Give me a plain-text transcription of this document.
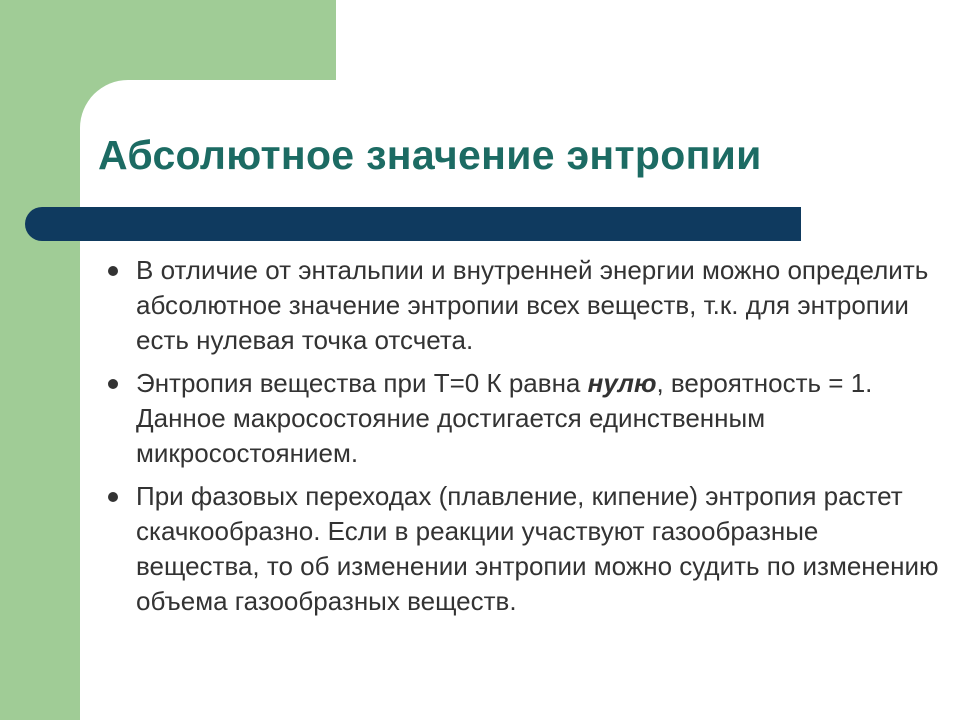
Абсолютное значение энтропии
В отличие от энтальпии и внутренней энергии можно определить абсолютное значение энтропии всех веществ, т.к. для энтропии есть нулевая точка отсчета.
Энтропия вещества при Т=0 К равна нулю, вероятность = 1. Данное макросостояние достигается единственным микросостоянием.
При фазовых переходах (плавление, кипение) энтропия растет скачкообразно. Если в реакции участвуют газообразные вещества, то об изменении энтропии можно судить по изменению объема газообразных веществ.
